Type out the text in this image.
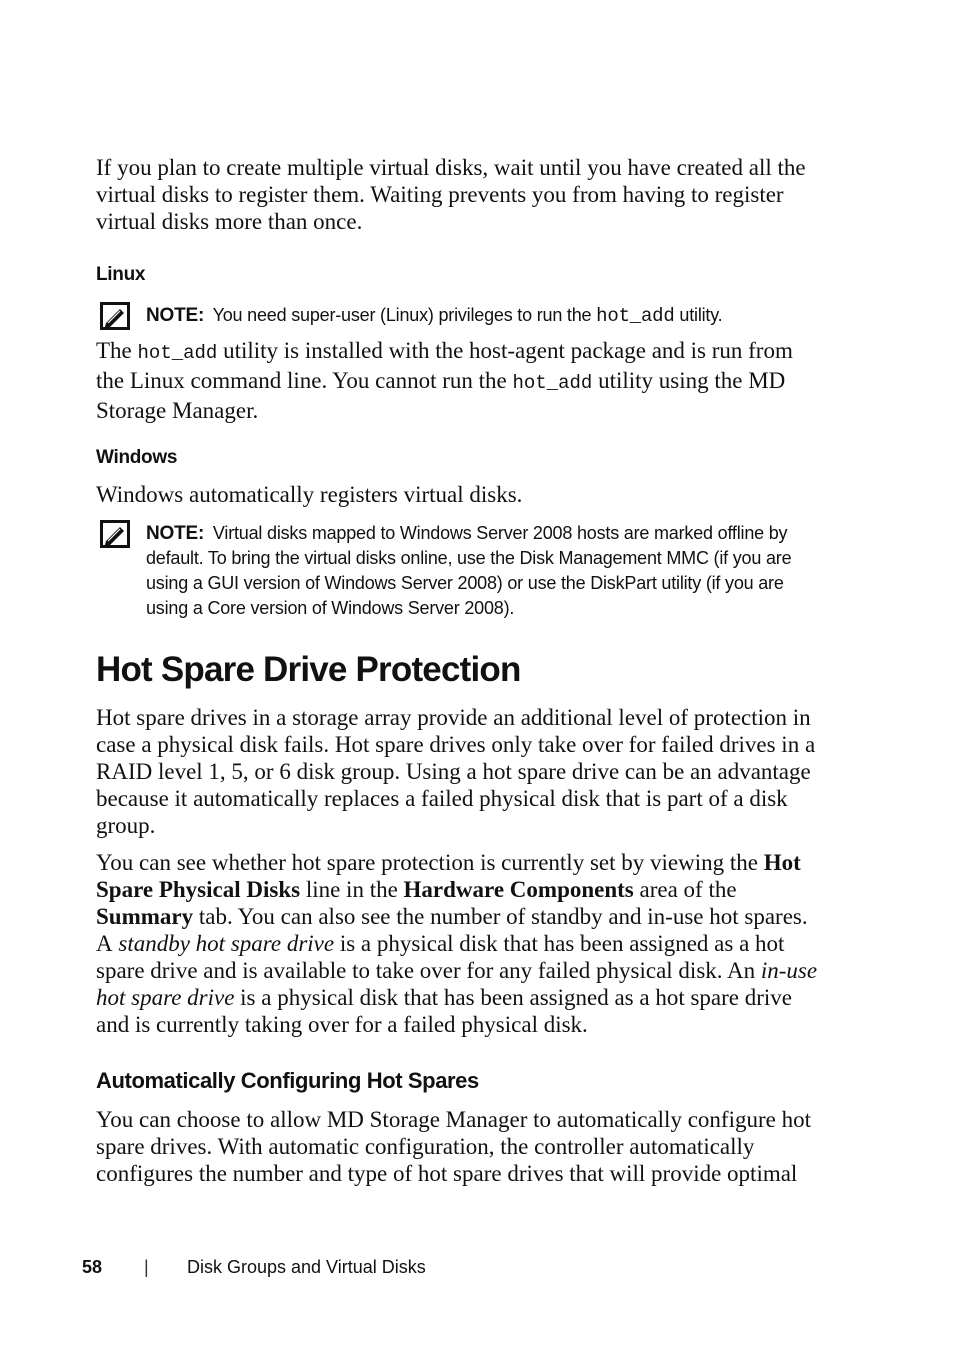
If you plan to create multiple virtual disks, wait until you have created all the virtual disks to register them. Waiting prevents you from having to register virtual disks more than once.

Linux
NOTE: You need super-user (Linux) privileges to run the hot_add utility.

The hot_add utility is installed with the host-agent package and is run from the Linux command line. You cannot run the hot_add utility using the MD Storage Manager.

Windows

Windows automatically registers virtual disks.

NOTE: Virtual disks mapped to Windows Server 2008 hosts are marked offline by default. To bring the virtual disks online, use the Disk Management MMC (if you are using a GUI version of Windows Server 2008) or use the DiskPart utility (if you are using a Core version of Windows Server 2008).
Hot Spare Drive Protection

Hot spare drives in a storage array provide an additional level of protection in case a physical disk fails. Hot spare drives only take over for failed drives in a RAID level 1, 5, or 6 disk group. Using a hot spare drive can be an advantage because it automatically replaces a failed physical disk that is part of a disk group.

You can see whether hot spare protection is currently set by viewing the Hot Spare Physical Disks line in the Hardware Components area of the Summary tab. You can also see the number of standby and in-use hot spares. A standby hot spare drive is a physical disk that has been assigned as a hot spare drive and is available to take over for any failed physical disk. An in-use hot spare drive is a physical disk that has been assigned as a hot spare drive and is currently taking over for a failed physical disk.

Automatically Configuring Hot Spares

You can choose to allow MD Storage Manager to automatically configure hot spare drives. With automatic configuration, the controller automatically configures the number and type of hot spare drives that will provide optimal

58 | Disk Groups and Virtual Disks
